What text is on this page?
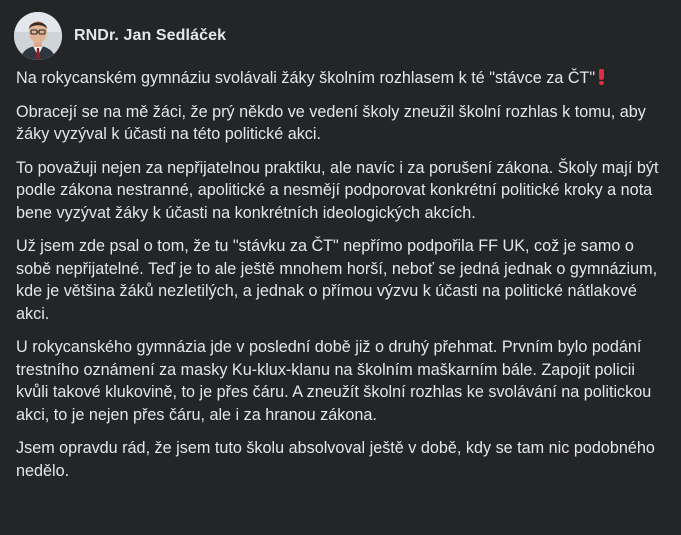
RNDr. Jan Sedláček

Na rokycanském gymnáziu svolávali žáky školním rozhlasem k té "stávce za ČT"

Obracejí se na mě žáci, že prý někdo ve vedení školy zneužil školní rozhlas k tomu, aby žáky vyzýval k účasti na této politické akci.

To považuji nejen za nepřijatelnou praktiku, ale navíc i za porušení zákona. Školy mají být podle zákona nestranné, apolitické a nesmějí podporovat konkrétní politické kroky a nota bene vyzývat žáky k účasti na konkrétních ideologických akcích.

Už jsem zde psal o tom, že tu "stávku za ČT" nepřímo podpořila FF UK, což je samo o sobě nepřijatelné. Teď je to ale ještě mnohem horší, neboť se jedná jednak o gymnázium, kde je většina žáků nezletilých, a jednak o přímou výzvu k účasti na politické nátlakové akci.

U rokycanského gymnázia jde v poslední době již o druhý přehmat. Prvním bylo podání trestního oznámení za masky Ku-klux-klanu na školním maškarním bále. Zapojit policii kvůli takové klukovině, to je přes čáru. A zneužít školní rozhlas ke svolávání na politickou akci, to je nejen přes čáru, ale i za hranou zákona.

Jsem opravdu rád, že jsem tuto školu absolvoval ještě v době, kdy se tam nic podobného nedělo.
